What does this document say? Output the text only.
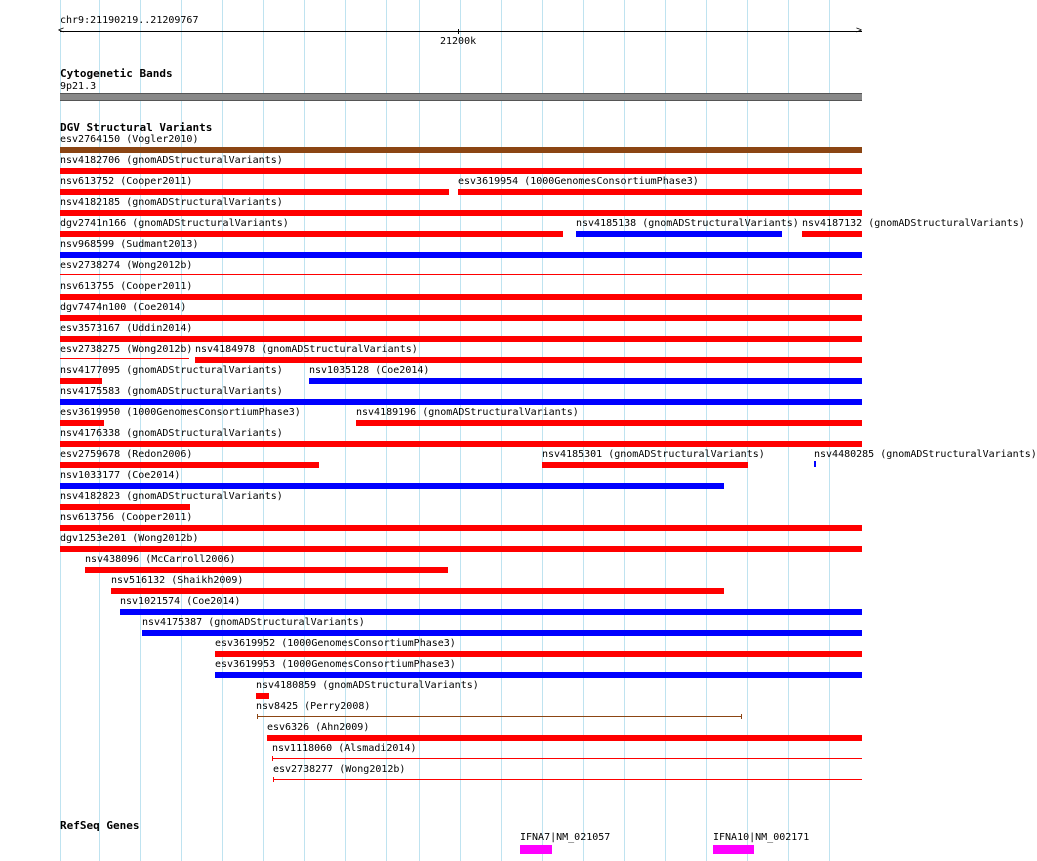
chr9:21190219..21209767
<	>
21200k
Cytogenetic Bands
9p21.3
DGV Structural Variants
esv2764150 (Vogler2010)
nsv4182706 (gnomADStructuralVariants)
nsv613752 (Cooper2011)	esv3619954 (1000GenomesConsortiumPhase3)
nsv4182185 (gnomADStructuralVariants)
dgv2741n166 (gnomADStructuralVariants)	nsv4185138 (gnomADStructuralVariants) nsv4187132 (gnomADStructuralVariants)
nsv968599 (Sudmant2013)
esv2738274 (Wong2012b)
nsv613755 (Cooper2011)
dgv7474n100 (Coe2014)
esv3573167 (Uddin2014)
esv2738275 (Wong2012b) nsv4184978 (gnomADStructuralVariants)
nsv4177095 (gnomADStructuralVariants)	nsv1035128 (Coe2014)
nsv4175583 (gnomADStructuralVariants)
esv3619950 (1000GenomesConsortiumPhase3)	nsv4189196 (gnomADStructuralVariants)
nsv4176338 (gnomADStructuralVariants)
esv2759678 (Redon2006)	nsv4185301 (gnomADStructuralVariants)	nsv4480285 (gnomADStructuralVariants)
nsv1033177 (Coe2014)
nsv4182823 (gnomADStructuralVariants)
nsv613756 (Cooper2011)
dgv1253e201 (Wong2012b)
nsv438096 (McCarroll2006)
nsv516132 (Shaikh2009)
nsv1021574 (Coe2014)
nsv4175387 (gnomADStructuralVariants)
esv3619952 (1000GenomesConsortiumPhase3)
esv3619953 (1000GenomesConsortiumPhase3)
nsv4180859 (gnomADStructuralVariants)
nsv8425 (Perry2008)
esv6326 (Ahn2009)
nsv1118060 (Alsmadi2014)
esv2738277 (Wong2012b)
RefSeq Genes
IFNA7|NM_021057	IFNA10|NM_002171
